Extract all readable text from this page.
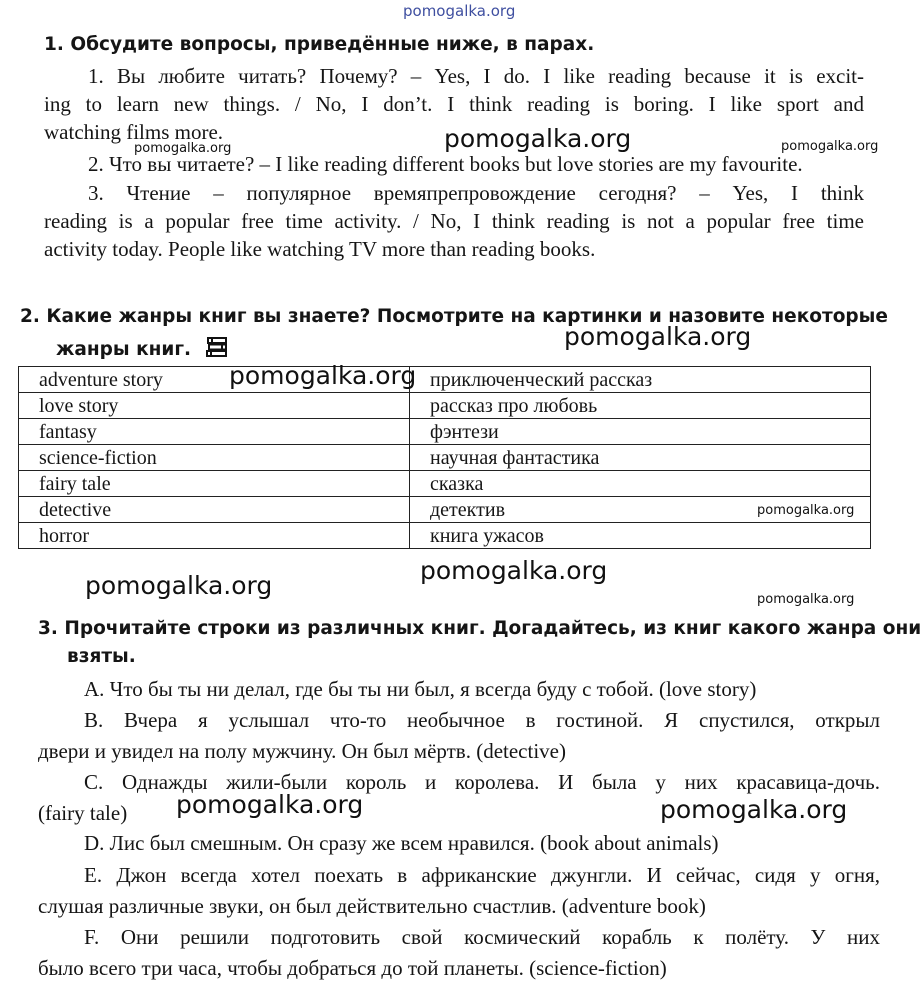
pomogalka.org
1. Обсудите вопросы, приведённые ниже, в парах.
1. Вы любите читать? Почему? – Yes, I do. I like reading because it is excit-
ing to learn new things. / No, I don’t. I think reading is boring. I like sport and
watching films more.
2. Что вы читаете? – I like reading different books but love stories are my favourite.
3. Чтение – популярное времяпрепровождение сегодня? – Yes, I think
reading is a popular free time activity. / No, I think reading is not a popular free time
activity today. People like watching TV more than reading books.
pomogalka.org
pomogalka.org	pomogalka.org
2. Какие жанры книг вы знаете? Посмотрите на картинки и назовите некоторые
жанры книг.
adventure story	приключенческий рассказ
love story	рассказ про любовь
fantasy	фэнтези
science-fiction	научная фантастика
fairy tale	сказка
detective	детектив
horror	книга ужасов
pomogalka.org
pomogalka.org
pomogalka.org
pomogalka.org
pomogalka.org	pomogalka.org
3. Прочитайте строки из различных книг. Догадайтесь, из книг какого жанра они
взяты.
A. Что бы ты ни делал, где бы ты ни был, я всегда буду с тобой. (love story)
B. Вчера я услышал что-то необычное в гостиной. Я спустился, открыл
двери и увидел на полу мужчину. Он был мёртв. (detective)
C. Однажды жили-были король и королева. И была у них красавица-дочь.
(fairy tale)
D. Лис был смешным. Он сразу же всем нравился. (book about animals)
E. Джон всегда хотел поехать в африканские джунгли. И сейчас, сидя у огня,
слушая различные звуки, он был действительно счастлив. (adventure book)
F. Они решили подготовить свой космический корабль к полёту. У них
было всего три часа, чтобы добраться до той планеты. (science-fiction)
pomogalka.org	pomogalka.org
